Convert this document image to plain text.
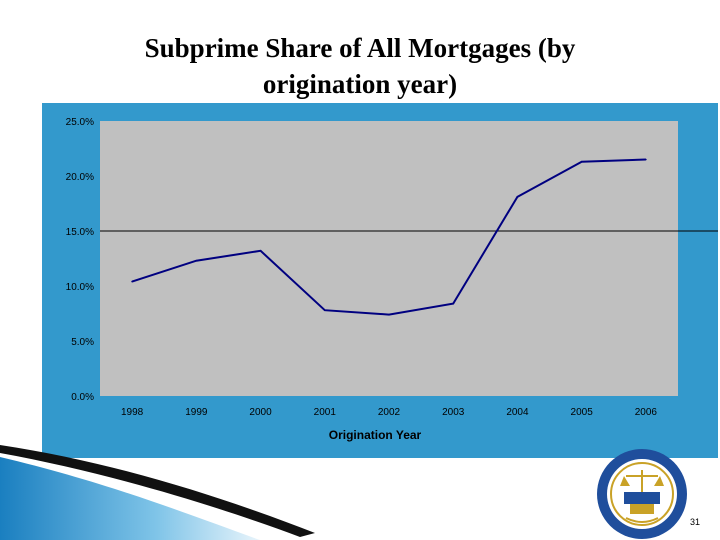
Subprime Share of All Mortgages (by
origination year)
0.0%
5.0%
10.0%
15.0%
20.0%
25.0%
1998	1999	2000	2001	2002	2003	2004	2005	2006
Origination Year
31
